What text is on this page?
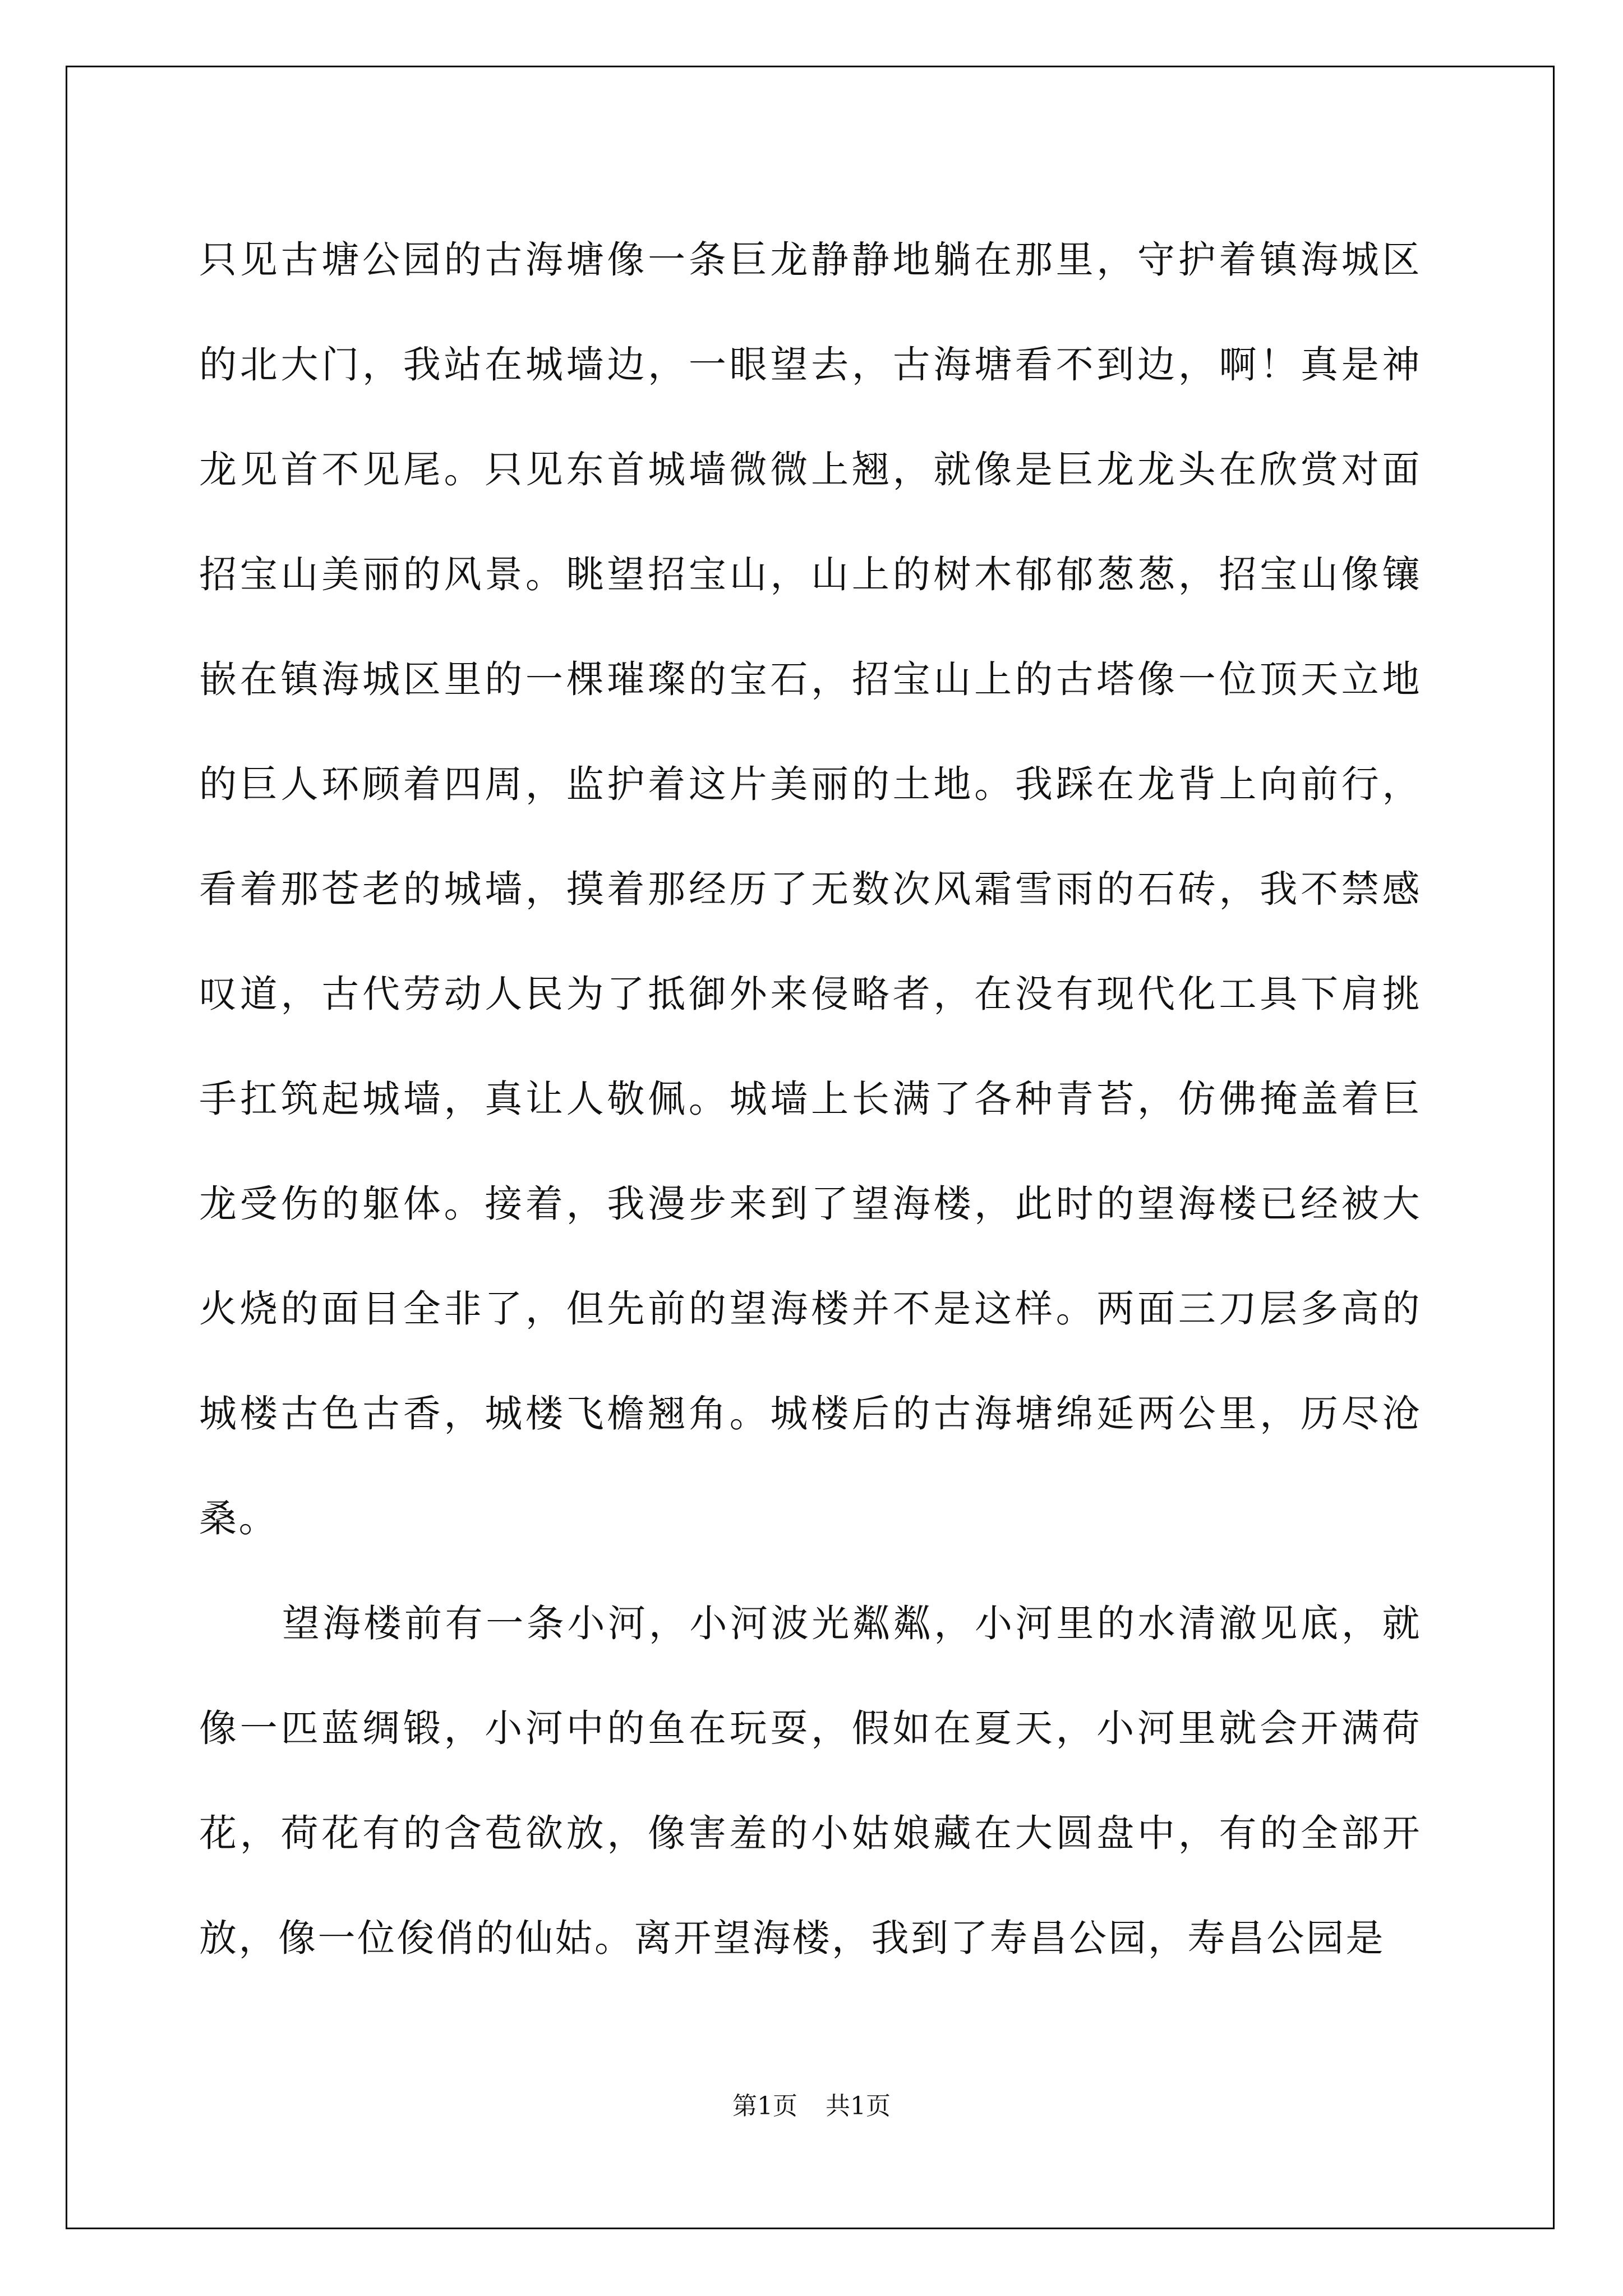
只见古塘公园的古海塘像一条巨龙静静地躺在那里，守护着镇海城区的北大门，我站在城墙边，一眼望去，古海塘看不到边，啊！真是神龙见首不见尾。只见东首城墙微微上翘，就像是巨龙龙头在欣赏对面招宝山美丽的风景。眺望招宝山，山上的树木郁郁葱葱，招宝山像镶嵌在镇海城区里的一棵璀璨的宝石，招宝山上的古塔像一位顶天立地的巨人环顾着四周，监护着这片美丽的土地。我踩在龙背上向前行，看着那苍老的城墙，摸着那经历了无数次风霜雪雨的石砖，我不禁感叹道，古代劳动人民为了抵御外来侵略者，在没有现代化工具下肩挑手扛筑起城墙，真让人敬佩。城墙上长满了各种青苔，仿佛掩盖着巨龙受伤的躯体。接着，我漫步来到了望海楼，此时的望海楼已经被大火烧的面目全非了，但先前的望海楼并不是这样。两面三刀层多高的城楼古色古香，城楼飞檐翘角。城楼后的古海塘绵延两公里，历尽沧桑。

望海楼前有一条小河，小河波光粼粼，小河里的水清澈见底，就像一匹蓝绸锻，小河中的鱼在玩耍，假如在夏天，小河里就会开满荷花，荷花有的含苞欲放，像害羞的小姑娘藏在大圆盘中，有的全部开放，像一位俊俏的仙姑。离开望海楼，我到了寿昌公园，寿昌公园是

第1页 共1页
